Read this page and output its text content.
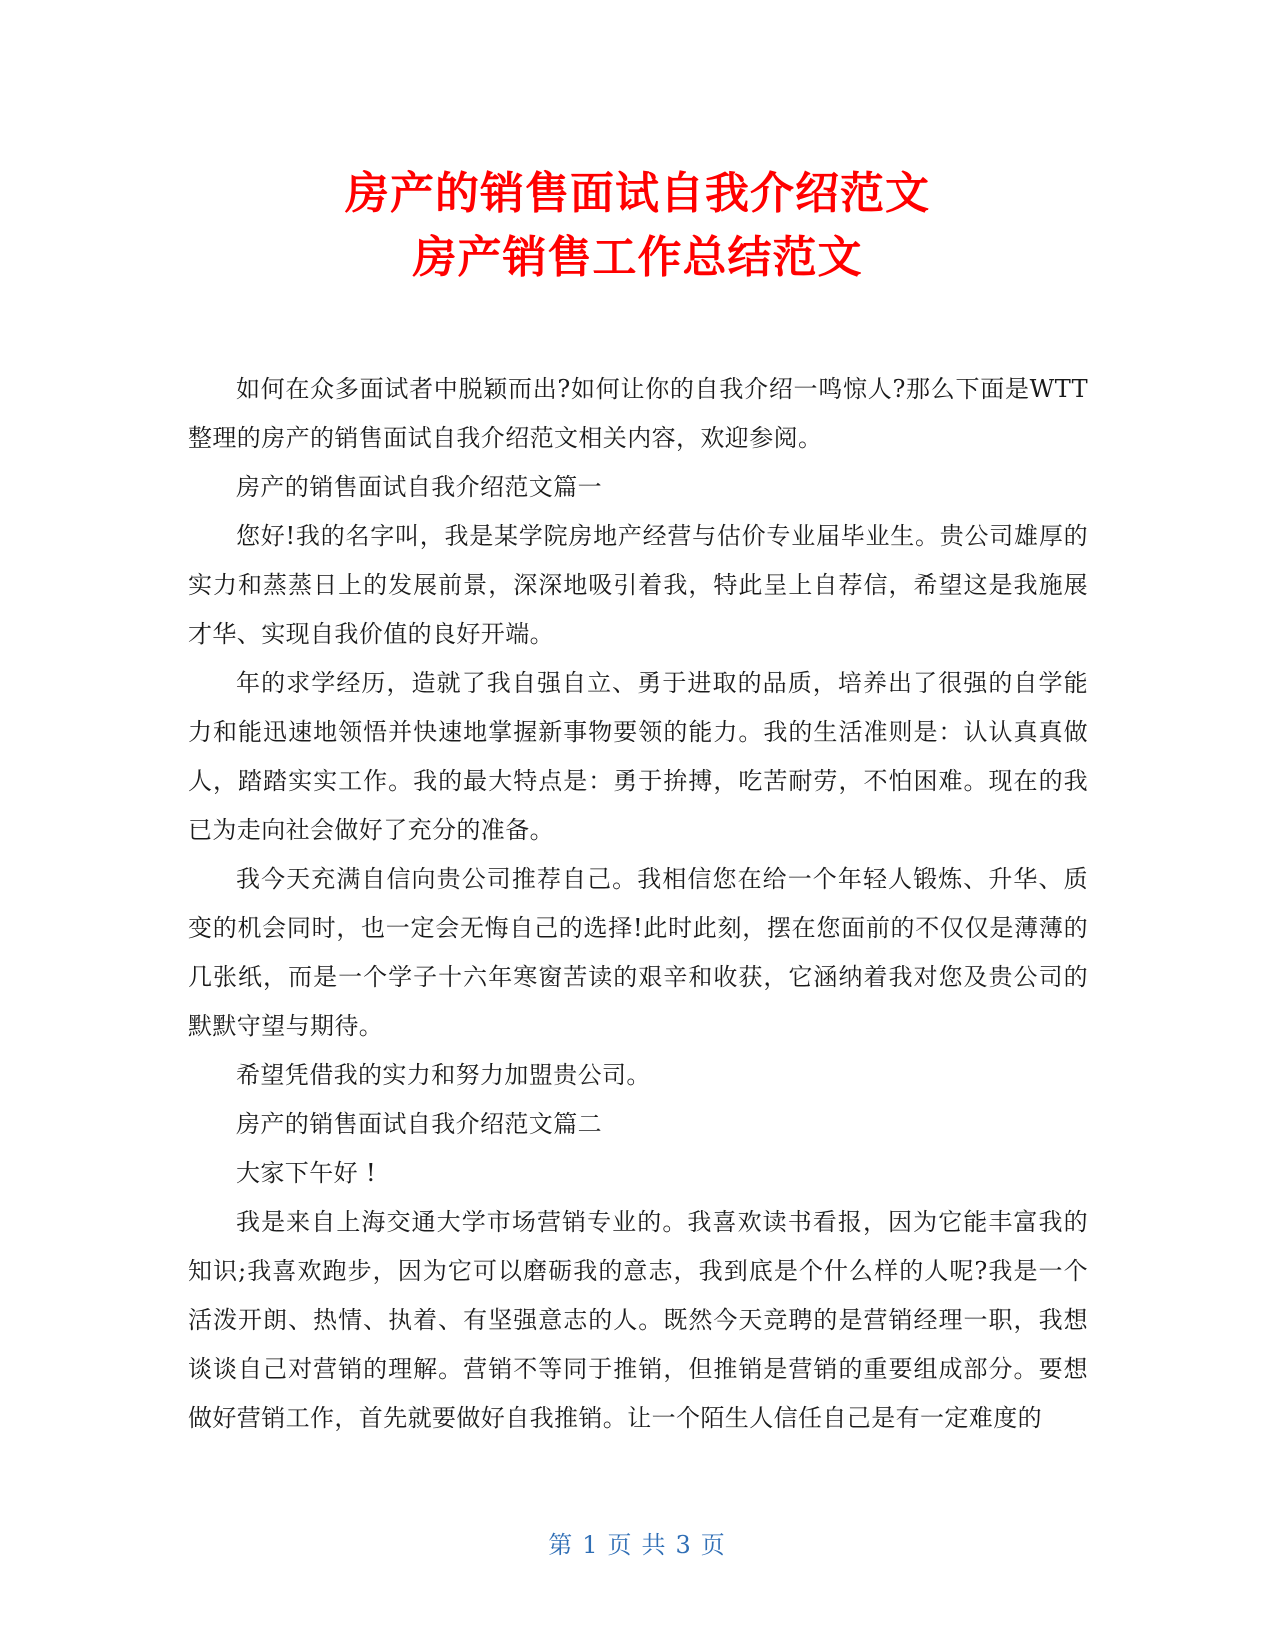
房产的销售面试自我介绍范文
房产销售工作总结范文

如何在众多面试者中脱颖而出?如何让你的自我介绍一鸣惊人?那么下面是WTT整理的房产的销售面试自我介绍范文相关内容，欢迎参阅。

房产的销售面试自我介绍范文篇一

您好!我的名字叫，我是某学院房地产经营与估价专业届毕业生。贵公司雄厚的实力和蒸蒸日上的发展前景，深深地吸引着我，特此呈上自荐信，希望这是我施展才华、实现自我价值的良好开端。

年的求学经历，造就了我自强自立、勇于进取的品质，培养出了很强的自学能力和能迅速地领悟并快速地掌握新事物要领的能力。我的生活准则是：认认真真做人，踏踏实实工作。我的最大特点是：勇于拚搏，吃苦耐劳，不怕困难。现在的我已为走向社会做好了充分的准备。

我今天充满自信向贵公司推荐自己。我相信您在给一个年轻人锻炼、升华、质变的机会同时，也一定会无悔自己的选择!此时此刻，摆在您面前的不仅仅是薄薄的几张纸，而是一个学子十六年寒窗苦读的艰辛和收获，它涵纳着我对您及贵公司的默默守望与期待。

希望凭借我的实力和努力加盟贵公司。

房产的销售面试自我介绍范文篇二

大家下午好 !

我是来自上海交通大学市场营销专业的。我喜欢读书看报，因为它能丰富我的知识;我喜欢跑步，因为它可以磨砺我的意志，我到底是个什么样的人呢?我是一个活泼开朗、热情、执着、有坚强意志的人。既然今天竞聘的是营销经理一职，我想谈谈自己对营销的理解。营销不等同于推销，但推销是营销的重要组成部分。要想做好营销工作，首先就要做好自我推销。让一个陌生人信任自己是有一定难度的

第 1 页 共 3 页
